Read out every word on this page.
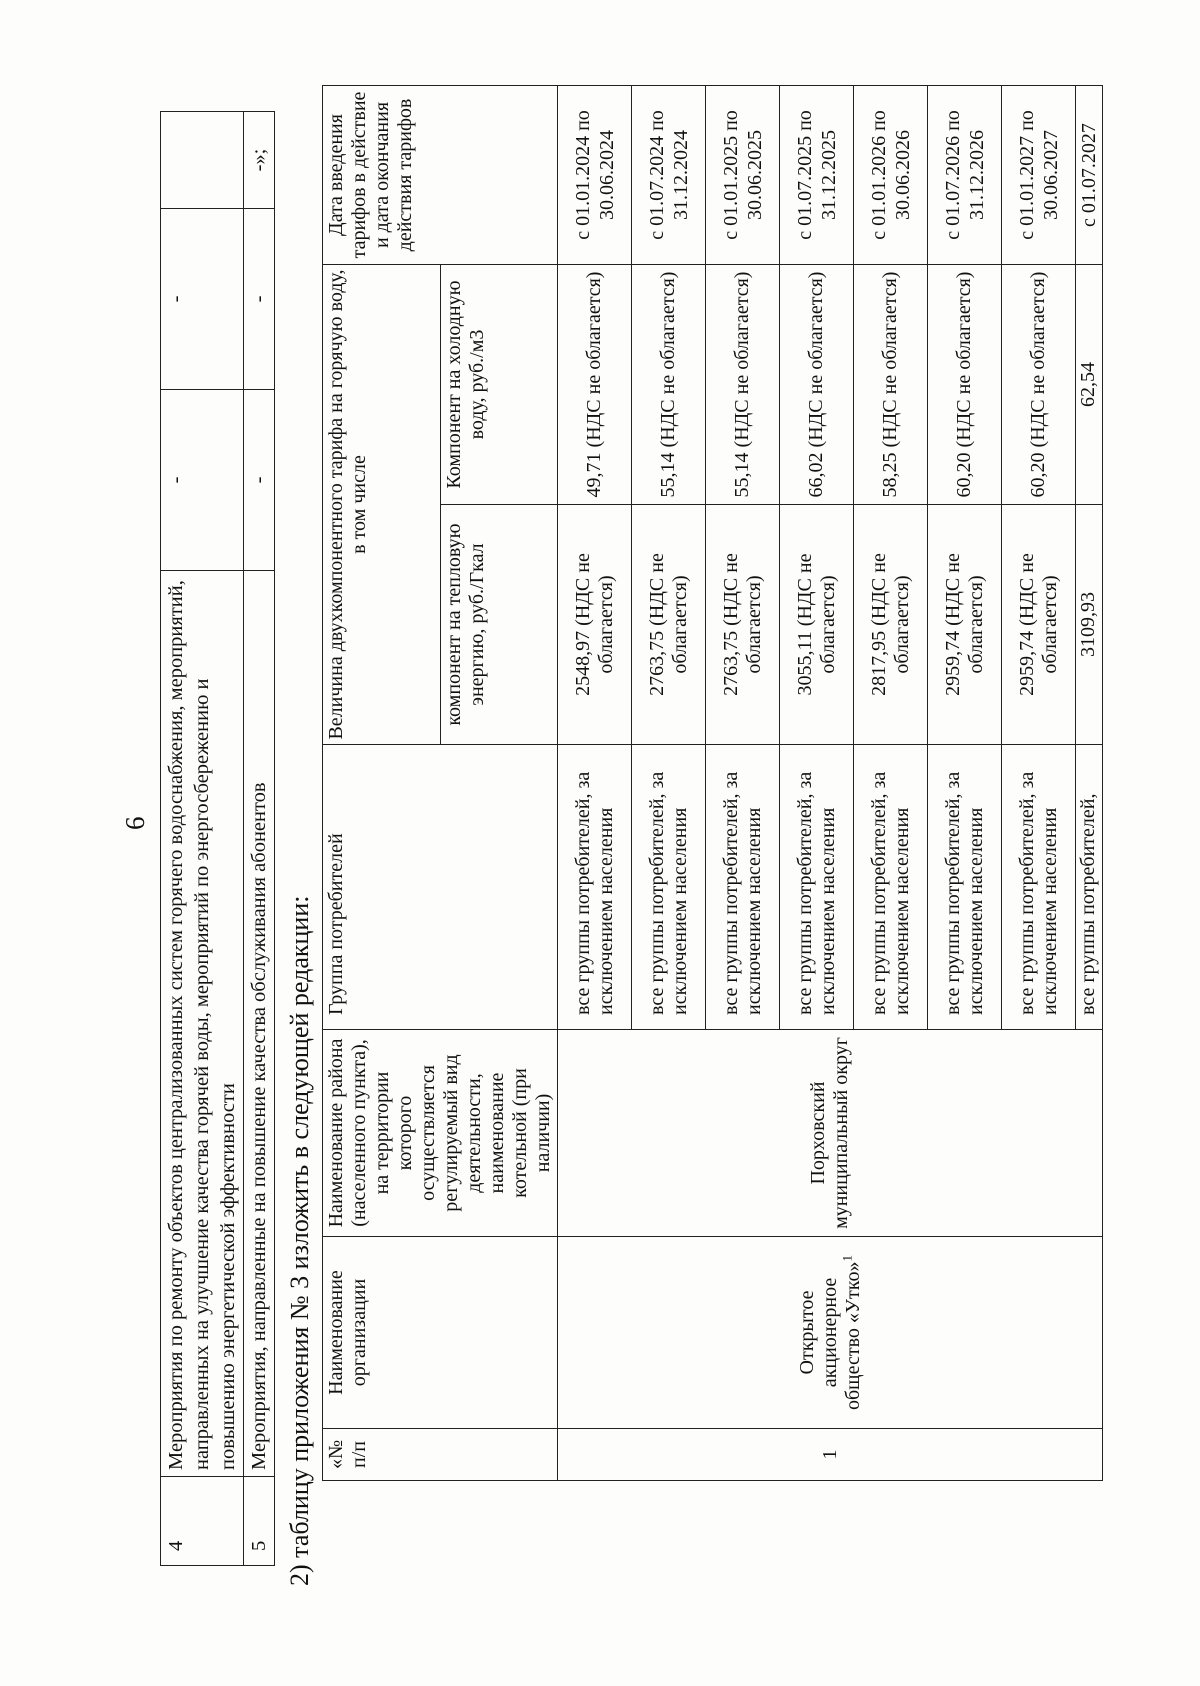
6
4	Мероприятия по ремонту объектов централизованных систем горячего водоснабжения, мероприятий, направленных на улучшение качества горячей воды, мероприятий по энергосбережению и повышению энергетической эффективности	-	-	
5	Мероприятия, направленные на повышение качества обслуживания абонентов	-	-	-»;
2) таблицу приложения № 3 изложить в следующей редакции: «№ п/п	Наименование организации	Наименование района (населенного пункта), на территории которого осуществляется регулируемый вид деятельности, наименование котельной (при наличии)	Группа потребителей	Величина двухкомпонентного тарифа на горячую воду, в том числе		Дата введения тарифов в действие и дата окончания действия тарифов
				компонент на тепловую энергию, руб./Гкал	Компонент на холодную воду, руб./м3	
1	Открытое акционерное общество «Утко»$^1$	Порховский муниципальный округ	все группы потребителей, за исключением населения	2548,97 (НДС не облагается)	49,71 (НДС не облагается)	с 01.01.2024 по 30.06.2024
			все группы потребителей, за исключением населения	2763,75 (НДС не облагается)	55,14 (НДС не облагается)	с 01.07.2024 по 31.12.2024
			все группы потребителей, за исключением населения	2763,75 (НДС не облагается)	55,14 (НДС не облагается)	с 01.01.2025 по 30.06.2025
			все группы потребителей, за исключением населения	3055,11 (НДС не облагается)	66,02 (НДС не облагается)	с 01.07.2025 по 31.12.2025
			все группы потребителей, за исключением населения	2817,95 (НДС не облагается)	58,25 (НДС не облагается)	с 01.01.2026 по 30.06.2026
			все группы потребителей, за исключением населения	2959,74 (НДС не облагается)	60,20 (НДС не облагается)	с 01.07.2026 по 31.12.2026
			все группы потребителей, за исключением населения	2959,74 (НДС не облагается)	60,20 (НДС не облагается)	с 01.01.2027 по 30.06.2027
			все группы потребителей,	3109,93	62,54	с 01.07.2027
